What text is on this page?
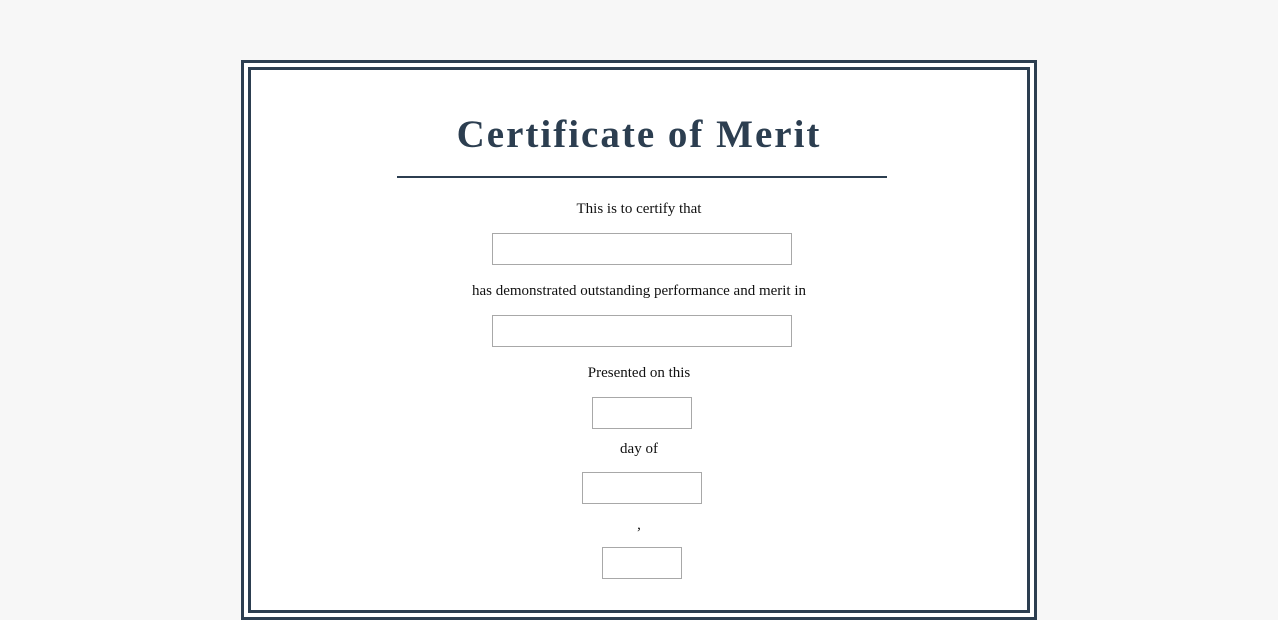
Certificate of Merit
This is to certify that
has demonstrated outstanding performance and merit in
Presented on this
day of
,
